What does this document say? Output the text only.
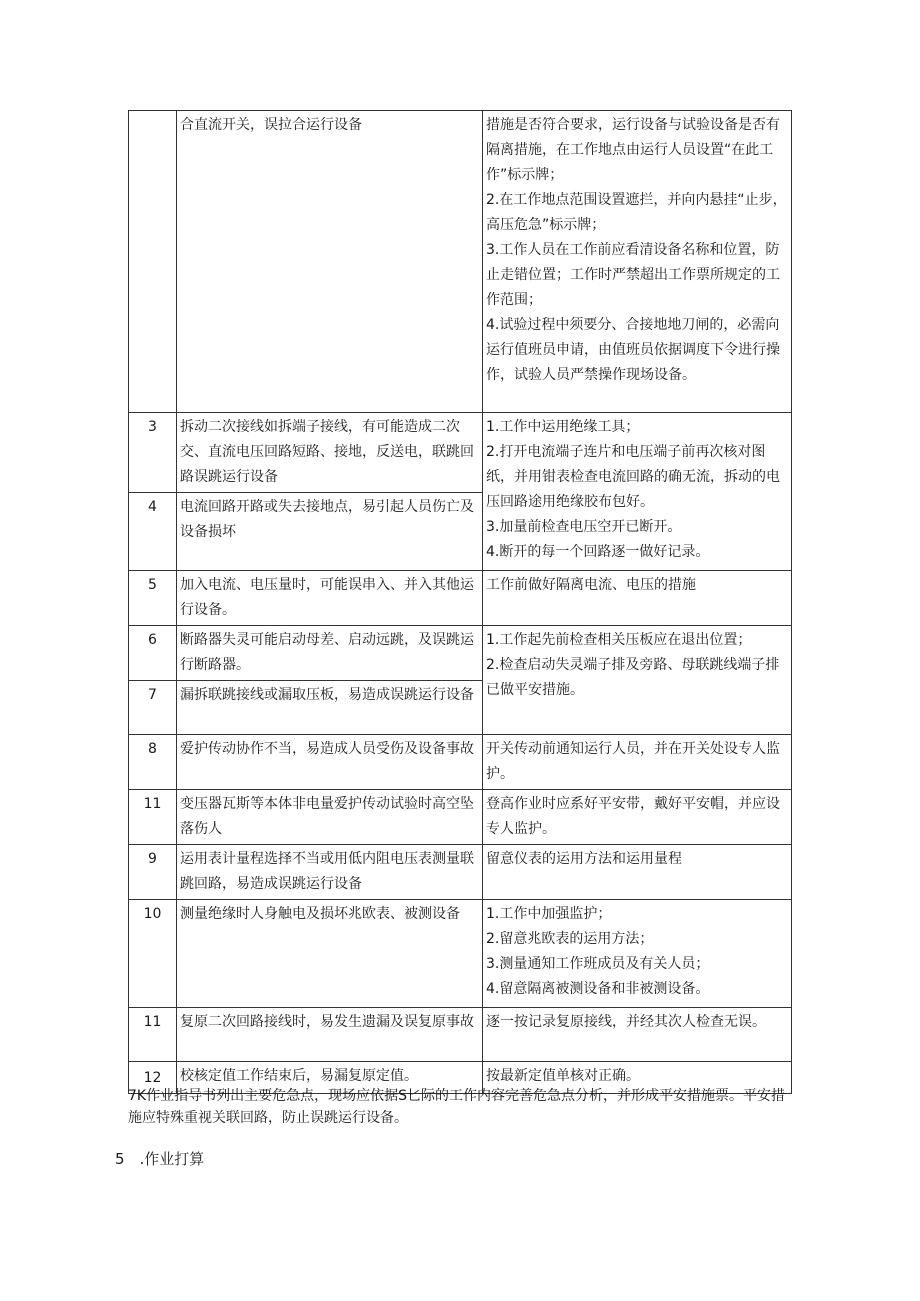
	合直流开关，误拉合运行设备	措施是否符合要求，运行设备与试验设备是否有隔离措施，在工作地点由运行人员设置“在此工作”标示牌；
2.在工作地点范围设置遮拦，并向内悬挂“止步，高压危急”标示牌；
3.工作人员在工作前应看清设备名称和位置，防止走错位置；工作时严禁超出工作票所规定的工作范围；
4.试验过程中须要分、合接地地刀闸的，必需向运行值班员申请，由值班员依据调度下令进行操作，试验人员严禁操作现场设备。

3	拆动二次接线如拆端子接线，有可能造成二次交、直流电压回路短路、接地，反送电，联跳回路误跳运行设备	1.工作中运用绝缘工具；
2.打开电流端子连片和电压端子前再次核对图纸，并用钳表检查电流回路的确无流，拆动的电压回路途用绝缘胶布包好。
3.加量前检查电压空开已断开。
4.断开的每一个回路逐一做好记录。

4	电流回路开路或失去接地点，易引起人员伤亡及设备损坏	
5	加入电流、电压量时，可能误串入、并入其他运行设备。	工作前做好隔离电流、电压的措施
6	断路器失灵可能启动母差、启动远跳，及误跳运行断路器。	1.工作起先前检查相关压板应在退出位置；
2.检查启动失灵端子排及旁路、母联跳线端子排已做平安措施。

7	漏拆联跳接线或漏取压板，易造成误跳运行设备	
8	爱护传动协作不当，易造成人员受伤及设备事故	开关传动前通知运行人员，并在开关处设专人监护。
11	变压器瓦斯等本体非电量爱护传动试验时高空坠落伤人	登高作业时应系好平安带，戴好平安帽，并应设专人监护。
9	运用表计量程选择不当或用低内阻电压表测量联跳回路，易造成误跳运行设备	留意仪表的运用方法和运用量程
10	测量绝缘时人身触电及损坏兆欧表、被测设备	1.工作中加强监护；
2.留意兆欧表的运用方法；
3.测量通知工作班成员及有关人员；
4.留意隔离被测设备和非被测设备。

11	复原二次回路接线时，易发生遗漏及误复原事故	逐一按记录复原接线，并经其次人检查无误。
12	校核定值工作结束后，易漏复原定值。	按最新定值单核对正确。

7K作业指导书列出主要危急点，现场应依据S匕际的工作内容完善危急点分析，并形成平安措施票。平安措施应特殊重视关联回路，防止误跳运行设备。

5　.作业打算
